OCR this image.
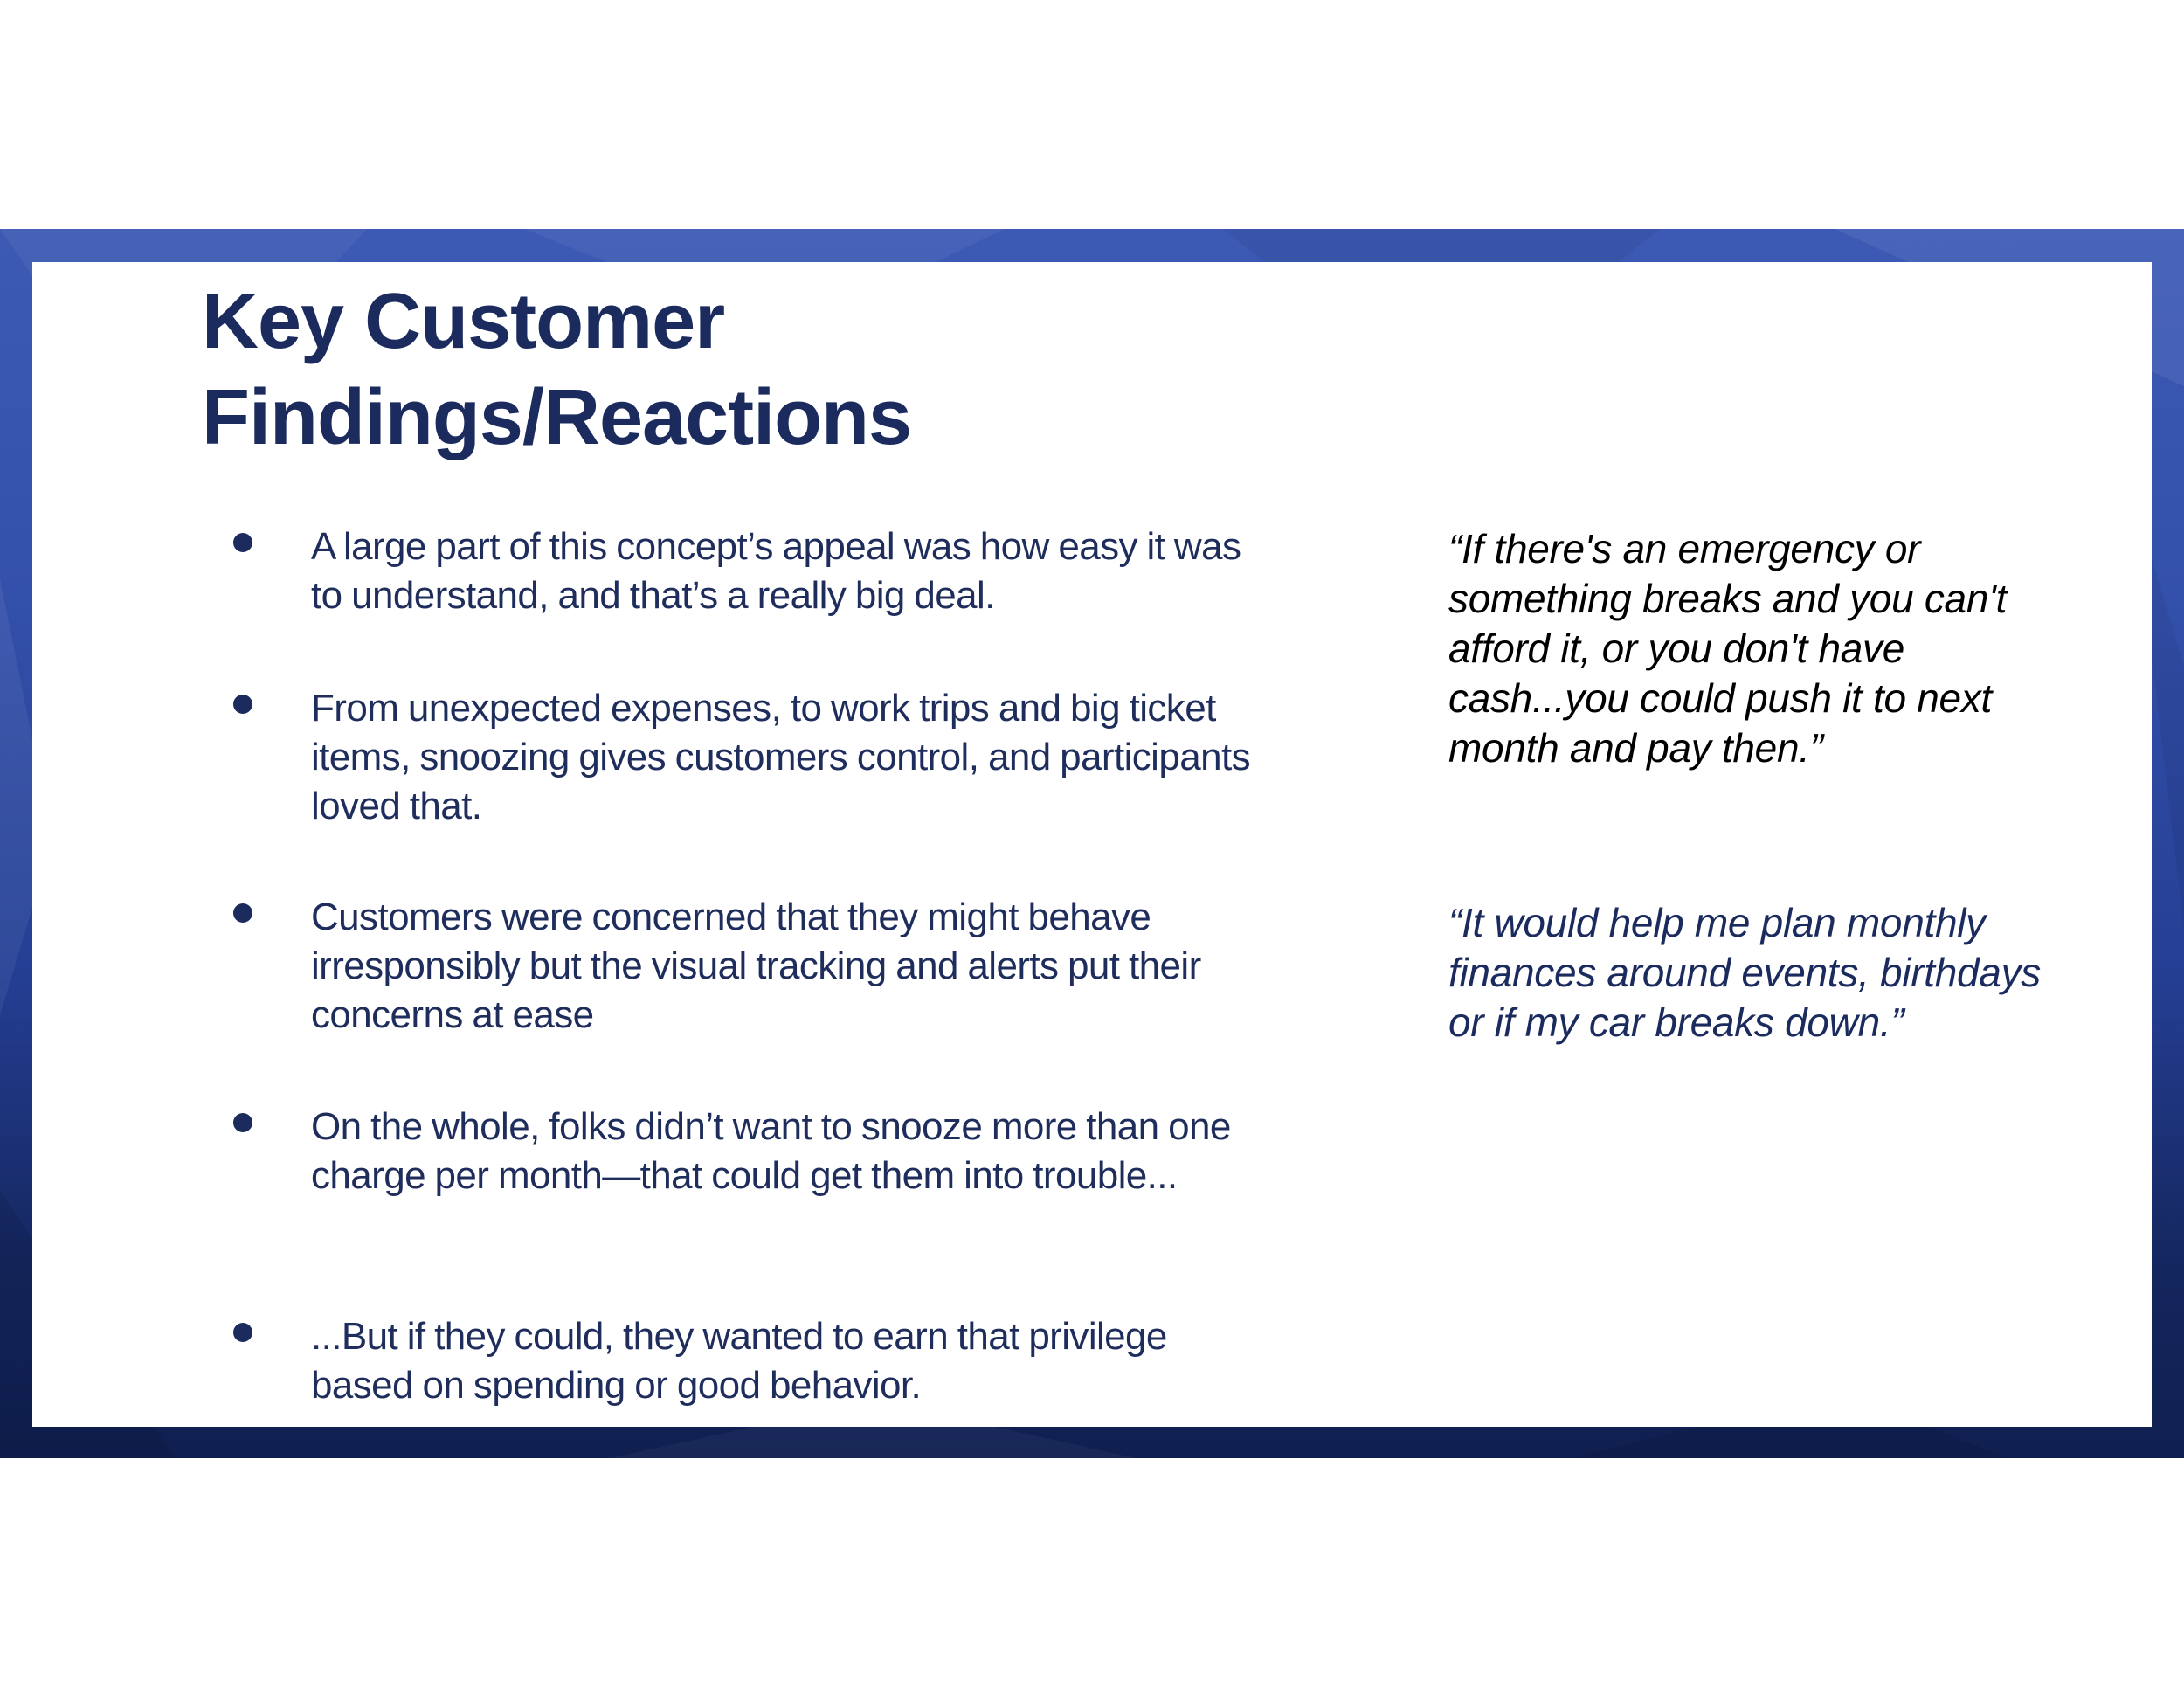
Key Customer
Findings/Reactions
A large part of this concept’s appeal was how easy it was to understand, and that’s a really big deal.
From unexpected expenses, to work trips and big ticket items, snoozing gives customers control, and participants loved that.
Customers were concerned that they might behave irresponsibly but the visual tracking and alerts put their concerns at ease
On the whole, folks didn’t want to snooze more than one charge per month—that could get them into trouble...
...But if they could, they wanted to earn that privilege based on spending or good behavior.
“If there's an emergency or something breaks and you can't afford it, or you don't have cash...you could push it to next month and pay then.”
“It would help me plan monthly finances around events, birthdays or if my car breaks down.”
